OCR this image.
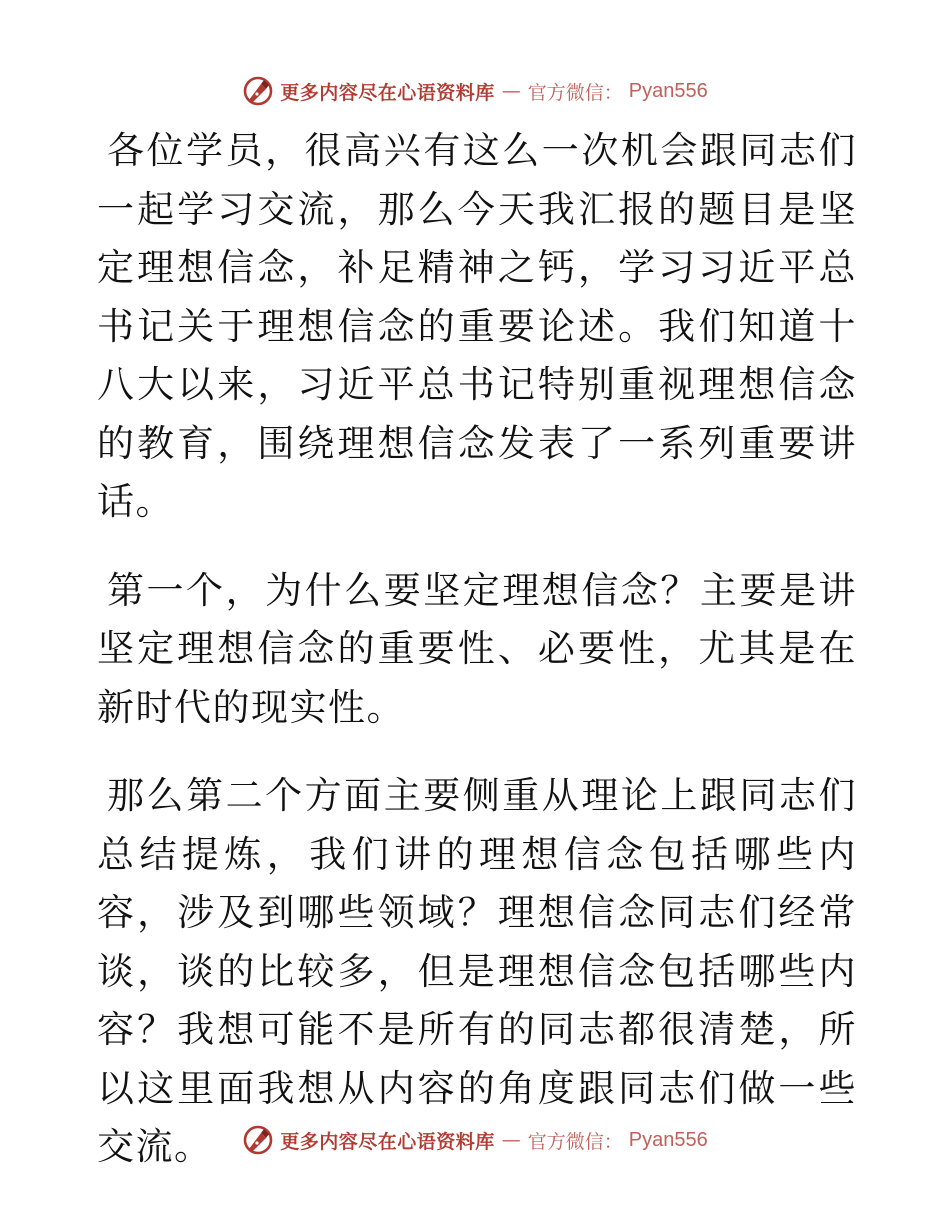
更多内容尽在心语资料库 — 官方微信： Pyan556

各位学员，很高兴有这么一次机会跟同志们一起学习交流，那么今天我汇报的题目是坚定理想信念，补足精神之钙，学习习近平总书记关于理想信念的重要论述。我们知道十八大以来，习近平总书记特别重视理想信念的教育，围绕理想信念发表了一系列重要讲话。

第一个，为什么要坚定理想信念？主要是讲坚定理想信念的重要性、必要性，尤其是在新时代的现实性。

那么第二个方面主要侧重从理论上跟同志们总结提炼，我们讲的理想信念包括哪些内容，涉及到哪些领域？理想信念同志们经常谈，谈的比较多，但是理想信念包括哪些内容？我想可能不是所有的同志都很清楚，所以这里面我想从内容的角度跟同志们做一些交流。	更多内容尽在心语资料库 — 官方微信： Pyan556
